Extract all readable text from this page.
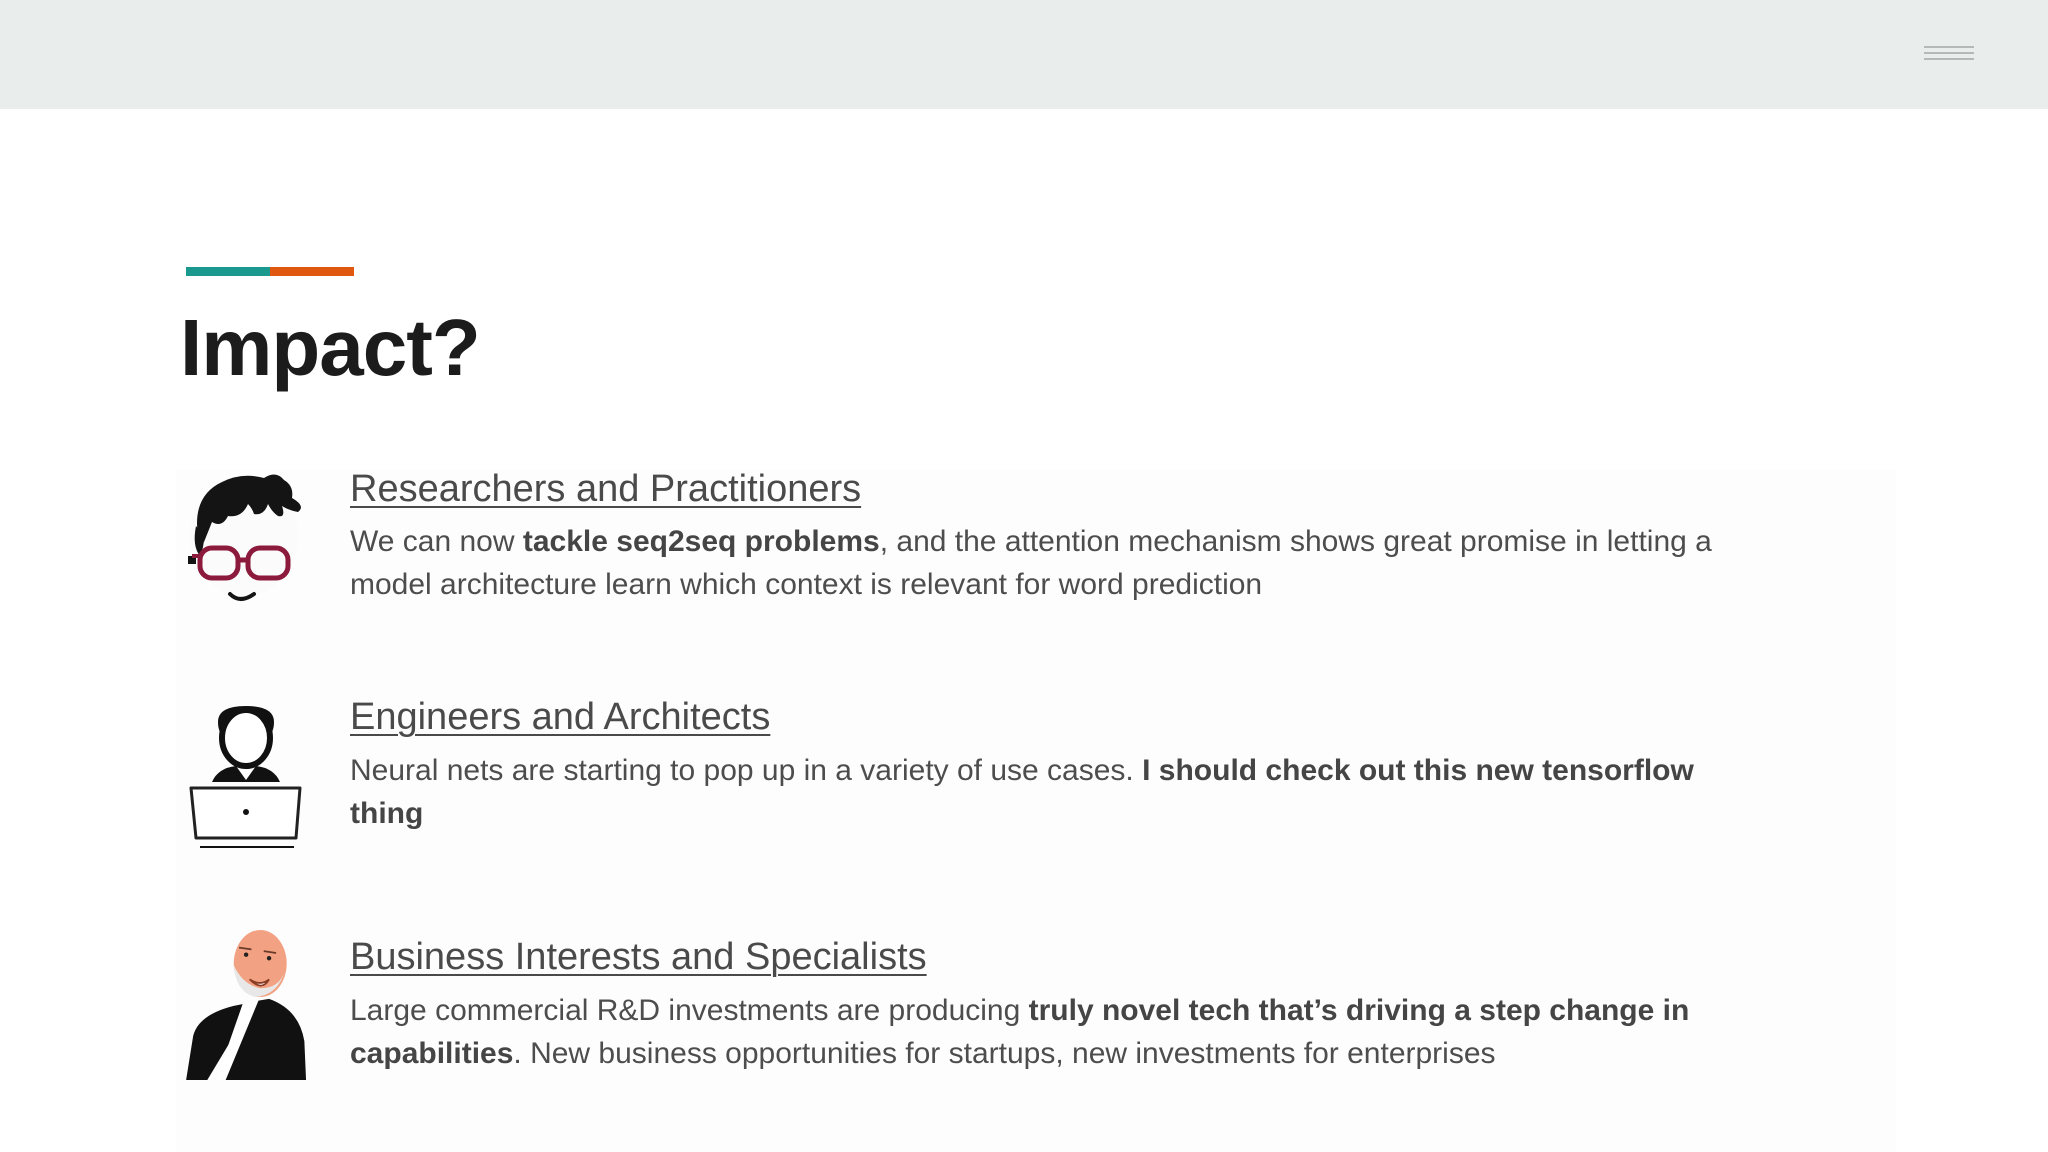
Impact?
Researchers and Practitioners

We can now tackle seq2seq problems, and the attention mechanism shows great promise in letting a model architecture learn which context is relevant for word prediction

Engineers and Architects

Neural nets are starting to pop up in a variety of use cases. I should check out this new tensorflow thing

Business Interests and Specialists

Large commercial R&D investments are producing truly novel tech that’s driving a step change in capabilities. New business opportunities for startups, new investments for enterprises
